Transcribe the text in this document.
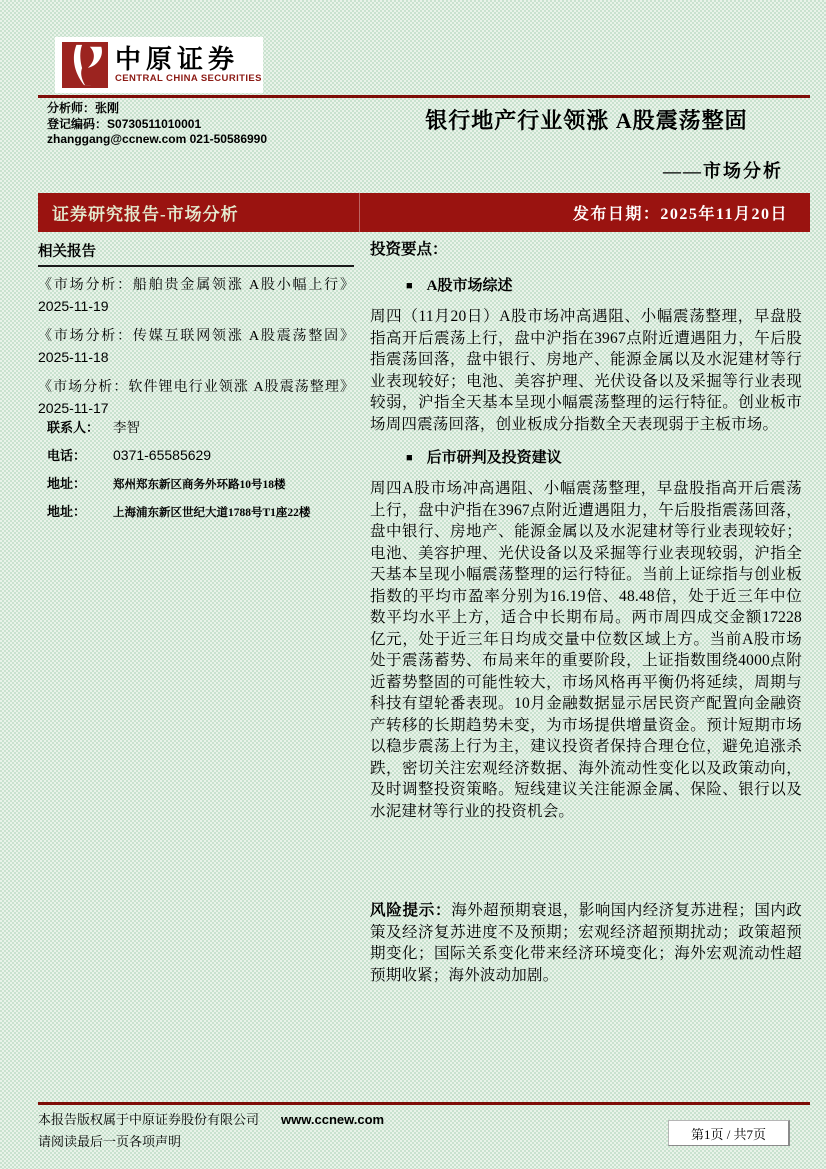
中原证券
CENTRAL CHINA SECURITIES
分析师：张刚
登记编码：S0730511010001
zhanggang@ccnew.com 021-50586990
银行地产行业领涨 A股震荡整固
——市场分析
证券研究报告-市场分析	发布日期：2025年11月20日
相关报告
《市场分析：船舶贵金属领涨 A股小幅上行》 2025-11-19
《市场分析：传媒互联网领涨 A股震荡整固》 2025-11-18
《市场分析：软件锂电行业领涨 A股震荡整理》 2025-11-17
联系人：	李智
电话：	0371-65585629
地址：	郑州郑东新区商务外环路10号18楼
地址：	上海浦东新区世纪大道1788号T1座22楼
投资要点：
■ A股市场综述

周四（11月20日）A股市场冲高遇阻、小幅震荡整理，早盘股指高开后震荡上行，盘中沪指在3967点附近遭遇阻力，午后股指震荡回落，盘中银行、房地产、能源金属以及水泥建材等行业表现较好；电池、美容护理、光伏设备以及采掘等行业表现较弱，沪指全天基本呈现小幅震荡整理的运行特征。创业板市场周四震荡回落，创业板成分指数全天表现弱于主板市场。

■ 后市研判及投资建议

周四A股市场冲高遇阻、小幅震荡整理，早盘股指高开后震荡上行，盘中沪指在3967点附近遭遇阻力，午后股指震荡回落，盘中银行、房地产、能源金属以及水泥建材等行业表现较好；电池、美容护理、光伏设备以及采掘等行业表现较弱，沪指全天基本呈现小幅震荡整理的运行特征。当前上证综指与创业板指数的平均市盈率分别为16.19倍、48.48倍，处于近三年中位数平均水平上方，适合中长期布局。两市周四成交金额17228亿元，处于近三年日均成交量中位数区域上方。当前A股市场处于震荡蓄势、布局来年的重要阶段，上证指数围绕4000点附近蓄势整固的可能性较大，市场风格再平衡仍将延续，周期与科技有望轮番表现。10月金融数据显示居民资产配置向金融资产转移的长期趋势未变，为市场提供增量资金。预计短期市场以稳步震荡上行为主，建议投资者保持合理仓位，避免追涨杀跌，密切关注宏观经济数据、海外流动性变化以及政策动向，及时调整投资策略。短线建议关注能源金属、保险、银行以及水泥建材等行业的投资机会。

风险提示：海外超预期衰退，影响国内经济复苏进程；国内政策及经济复苏进度不及预期；宏观经济超预期扰动；政策超预期变化；国际关系变化带来经济环境变化；海外宏观流动性超预期收紧；海外波动加剧。

本报告版权属于中原证券股份有限公司 www.ccnew.com
请阅读最后一页各项声明	第1页 / 共7页
